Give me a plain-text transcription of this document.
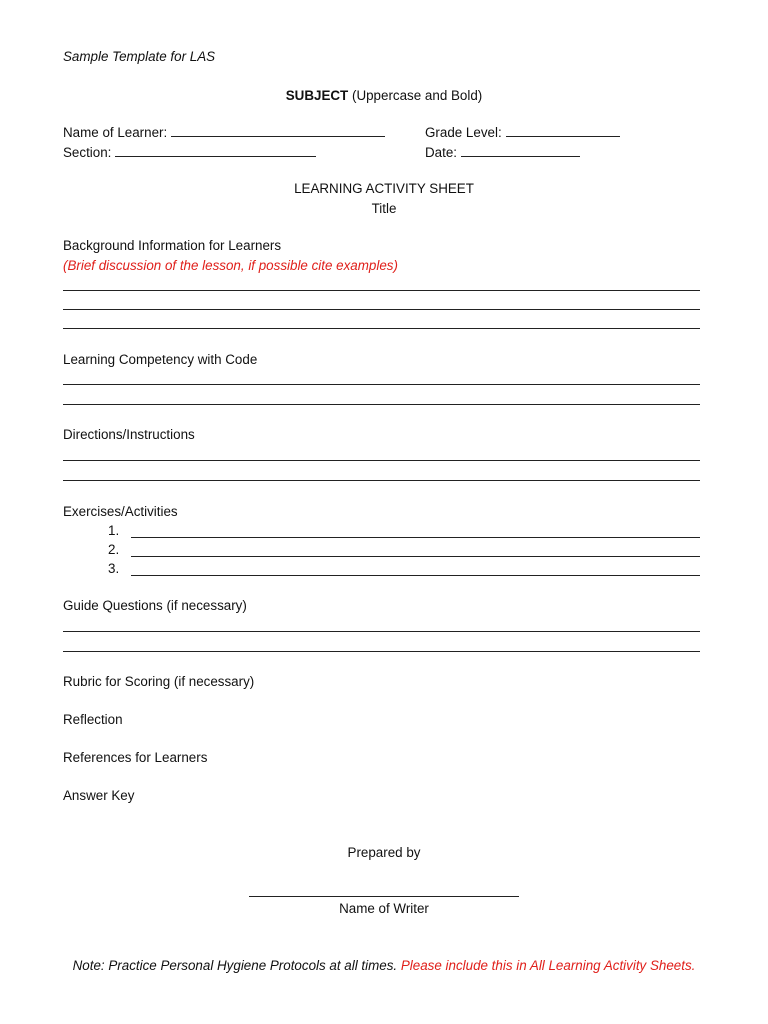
Sample Template for LAS
SUBJECT (Uppercase and Bold)
Name of Learner:	Grade Level:
Section:	Date:
LEARNING ACTIVITY SHEET
Title
Background Information for Learners
(Brief discussion of the lesson, if possible cite examples)
Learning Competency with Code
Directions/Instructions
Exercises/Activities
1.
2.
3.
Guide Questions (if necessary)
Rubric for Scoring (if necessary)
Reflection
References for Learners
Answer Key
Prepared by
Name of Writer
Note: Practice Personal Hygiene Protocols at all times. Please include this in All Learning Activity Sheets.
